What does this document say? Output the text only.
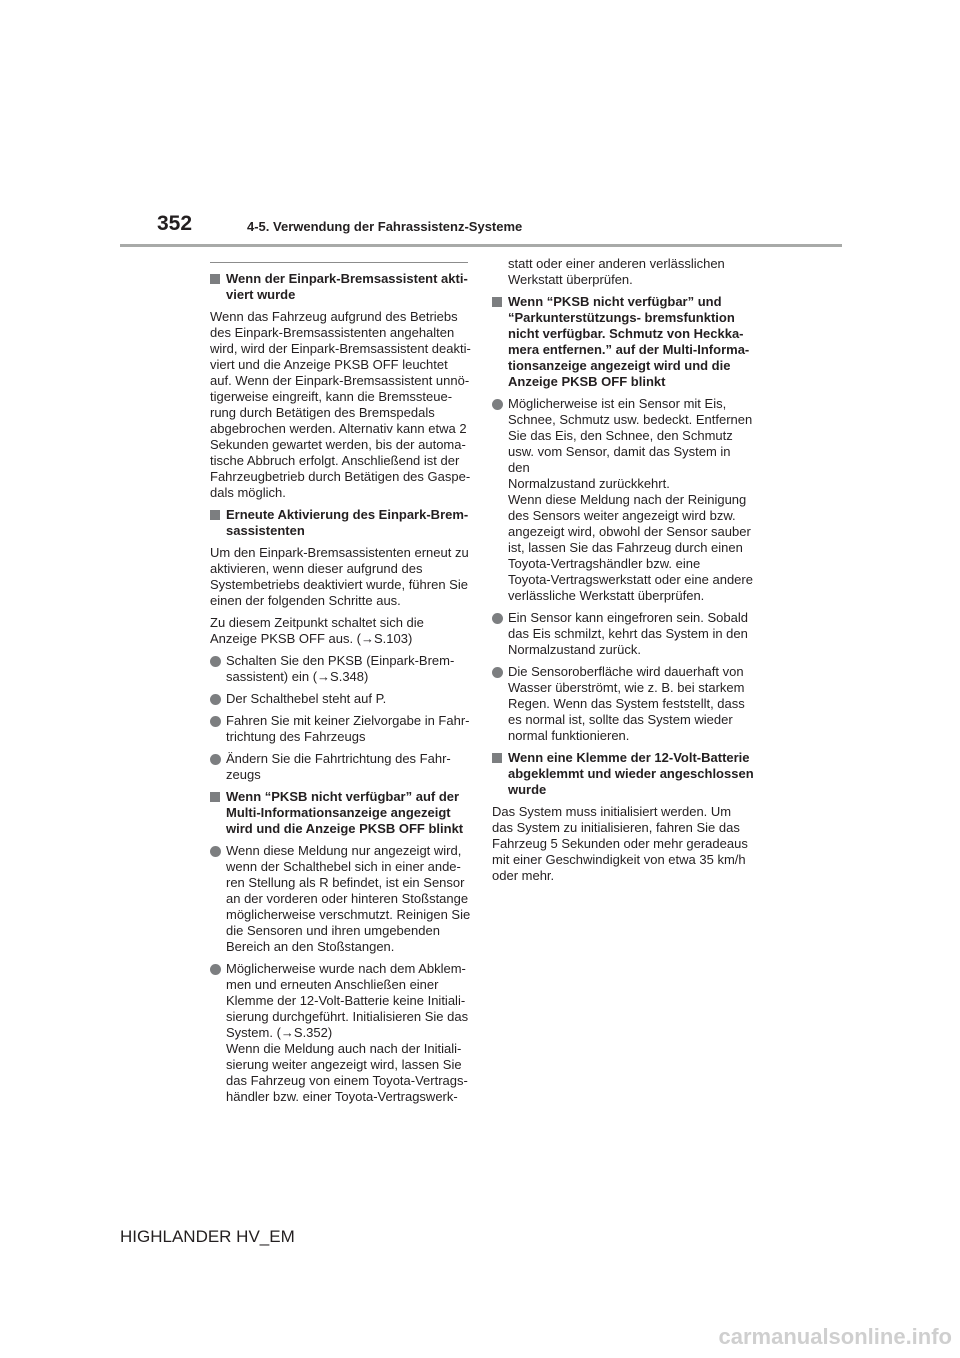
352	4-5. Verwendung der Fahrassistenz-Systeme
Wenn der Einpark-Bremsassistent akti-
viert wurde
Wenn das Fahrzeug aufgrund des Betriebs
des Einpark-Bremsassistenten angehalten
wird, wird der Einpark-Bremsassistent deakti-
viert und die Anzeige PKSB OFF leuchtet
auf. Wenn der Einpark-Bremsassistent unnö-
tigerweise eingreift, kann die Bremssteue-
rung durch Betätigen des Bremspedals
abgebrochen werden. Alternativ kann etwa 2
Sekunden gewartet werden, bis der automa-
tische Abbruch erfolgt. Anschließend ist der
Fahrzeugbetrieb durch Betätigen des Gaspe-
dals möglich.
Erneute Aktivierung des Einpark-Brem-
sassistenten
Um den Einpark-Bremsassistenten erneut zu
aktivieren, wenn dieser aufgrund des
Systembetriebs deaktiviert wurde, führen Sie
einen der folgenden Schritte aus.
Zu diesem Zeitpunkt schaltet sich die
Anzeige PKSB OFF aus. (→S.103)
Schalten Sie den PKSB (Einpark-Brem-
sassistent) ein (→S.348)
Der Schalthebel steht auf P.
Fahren Sie mit keiner Zielvorgabe in Fahr-
trichtung des Fahrzeugs
Ändern Sie die Fahrtrichtung des Fahr-
zeugs
Wenn “PKSB nicht verfügbar” auf der
Multi-Informationsanzeige angezeigt
wird und die Anzeige PKSB OFF blinkt
Wenn diese Meldung nur angezeigt wird,
wenn der Schalthebel sich in einer ande-
ren Stellung als R befindet, ist ein Sensor
an der vorderen oder hinteren Stoßstange
möglicherweise verschmutzt. Reinigen Sie
die Sensoren und ihren umgebenden
Bereich an den Stoßstangen.
Möglicherweise wurde nach dem Abklem-
men und erneuten Anschließen einer
Klemme der 12-Volt-Batterie keine Initiali-
sierung durchgeführt. Initialisieren Sie das
System. (→S.352)
Wenn die Meldung auch nach der Initiali-
sierung weiter angezeigt wird, lassen Sie
das Fahrzeug von einem Toyota-Vertrags-
händler bzw. einer Toyota-Vertragswerk-
statt oder einer anderen verlässlichen
Werkstatt überprüfen.
Wenn “PKSB nicht verfügbar” und
“Parkunterstützungs- bremsfunktion
nicht verfügbar. Schmutz von Heckka-
mera entfernen.” auf der Multi-Informa-
tionsanzeige angezeigt wird und die
Anzeige PKSB OFF blinkt
Möglicherweise ist ein Sensor mit Eis,
Schnee, Schmutz usw. bedeckt. Entfernen
Sie das Eis, den Schnee, den Schmutz
usw. vom Sensor, damit das System in den
Normalzustand zurückkehrt.
Wenn diese Meldung nach der Reinigung
des Sensors weiter angezeigt wird bzw.
angezeigt wird, obwohl der Sensor sauber
ist, lassen Sie das Fahrzeug durch einen
Toyota-Vertragshändler bzw. eine
Toyota-Vertragswerkstatt oder eine andere
verlässliche Werkstatt überprüfen.
Ein Sensor kann eingefroren sein. Sobald
das Eis schmilzt, kehrt das System in den
Normalzustand zurück.
Die Sensoroberfläche wird dauerhaft von
Wasser überströmt, wie z. B. bei starkem
Regen. Wenn das System feststellt, dass
es normal ist, sollte das System wieder
normal funktionieren.
Wenn eine Klemme der 12-Volt-Batterie
abgeklemmt und wieder angeschlossen
wurde
Das System muss initialisiert werden. Um
das System zu initialisieren, fahren Sie das
Fahrzeug 5 Sekunden oder mehr geradeaus
mit einer Geschwindigkeit von etwa 35 km/h
oder mehr.
HIGHLANDER HV_EM
carmanualsonline.info
